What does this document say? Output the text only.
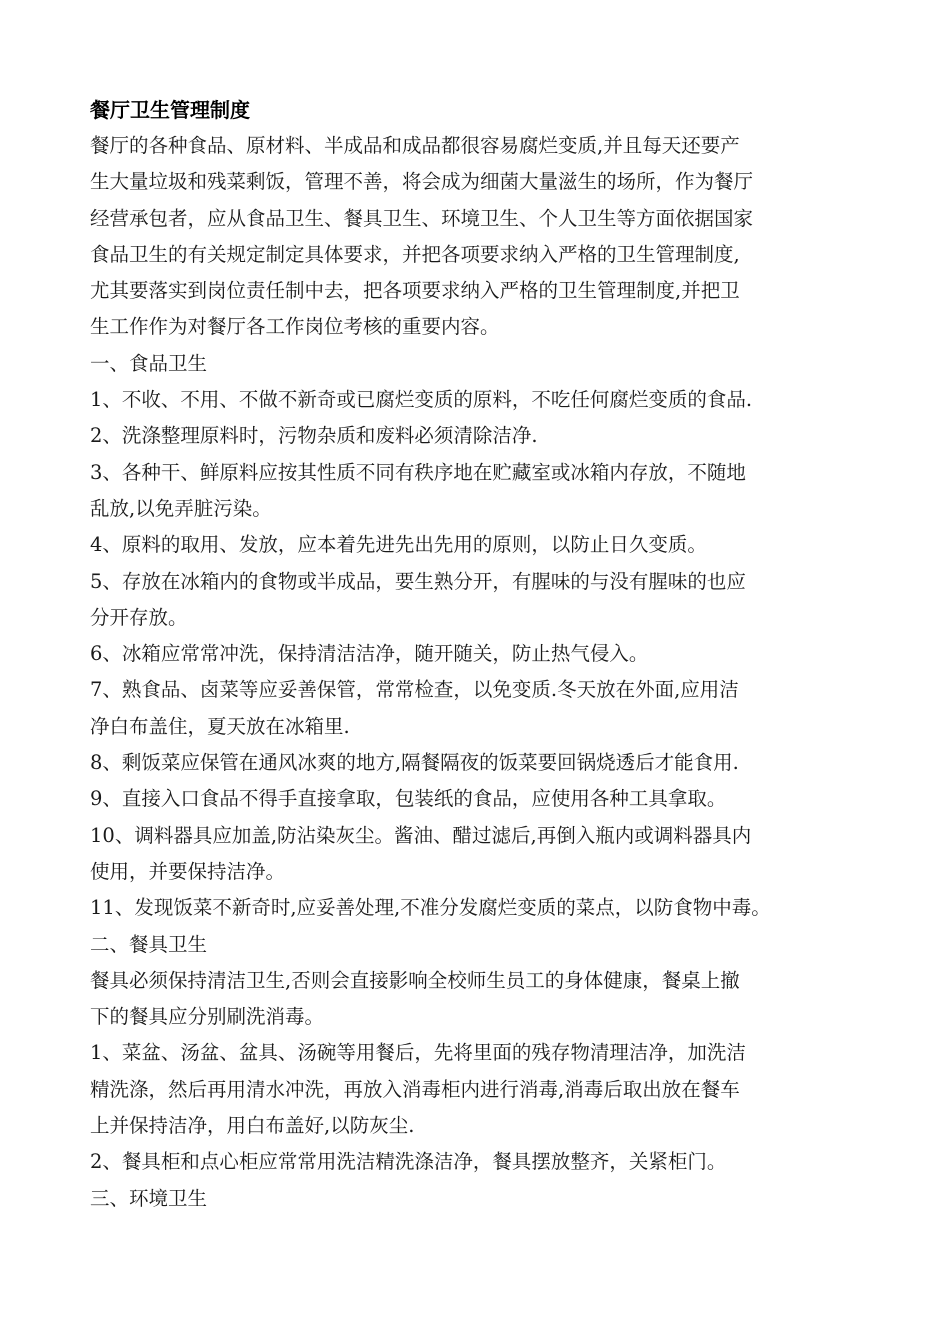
餐厅卫生管理制度
餐厅的各种食品、原材料、半成品和成品都很容易腐烂变质,并且每天还要产
生大量垃圾和残菜剩饭，管理不善，将会成为细菌大量滋生的场所，作为餐厅
经营承包者，应从食品卫生、餐具卫生、环境卫生、个人卫生等方面依据国家
食品卫生的有关规定制定具体要求，并把各项要求纳入严格的卫生管理制度,
尤其要落实到岗位责任制中去，把各项要求纳入严格的卫生管理制度,并把卫
生工作作为对餐厅各工作岗位考核的重要内容。
一、食品卫生
1、不收、不用、不做不新奇或已腐烂变质的原料，不吃任何腐烂变质的食品.
2、洗涤整理原料时，污物杂质和废料必须清除洁净.
3、各种干、鲜原料应按其性质不同有秩序地在贮藏室或冰箱内存放，不随地
乱放,以免弄脏污染。
4、原料的取用、发放，应本着先进先出先用的原则，以防止日久变质。
5、存放在冰箱内的食物或半成品，要生熟分开，有腥味的与没有腥味的也应
分开存放。
6、冰箱应常常冲洗，保持清洁洁净，随开随关，防止热气侵入。
7、熟食品、卤菜等应妥善保管，常常检查，以免变质.冬天放在外面,应用洁
净白布盖住，夏天放在冰箱里.
8、剩饭菜应保管在通风冰爽的地方,隔餐隔夜的饭菜要回锅烧透后才能食用.
9、直接入口食品不得手直接拿取，包装纸的食品，应使用各种工具拿取。
10、调料器具应加盖,防沾染灰尘。酱油、醋过滤后,再倒入瓶内或调料器具内
使用，并要保持洁净。
11、发现饭菜不新奇时,应妥善处理,不准分发腐烂变质的菜点，以防食物中毒。
二、餐具卫生
餐具必须保持清洁卫生,否则会直接影响全校师生员工的身体健康，餐桌上撤
下的餐具应分别刷洗消毒。
1、菜盆、汤盆、盆具、汤碗等用餐后，先将里面的残存物清理洁净，加洗洁
精洗涤，然后再用清水冲洗，再放入消毒柜内进行消毒,消毒后取出放在餐车
上并保持洁净，用白布盖好,以防灰尘.
2、餐具柜和点心柜应常常用洗洁精洗涤洁净，餐具摆放整齐，关紧柜门。
三、环境卫生
